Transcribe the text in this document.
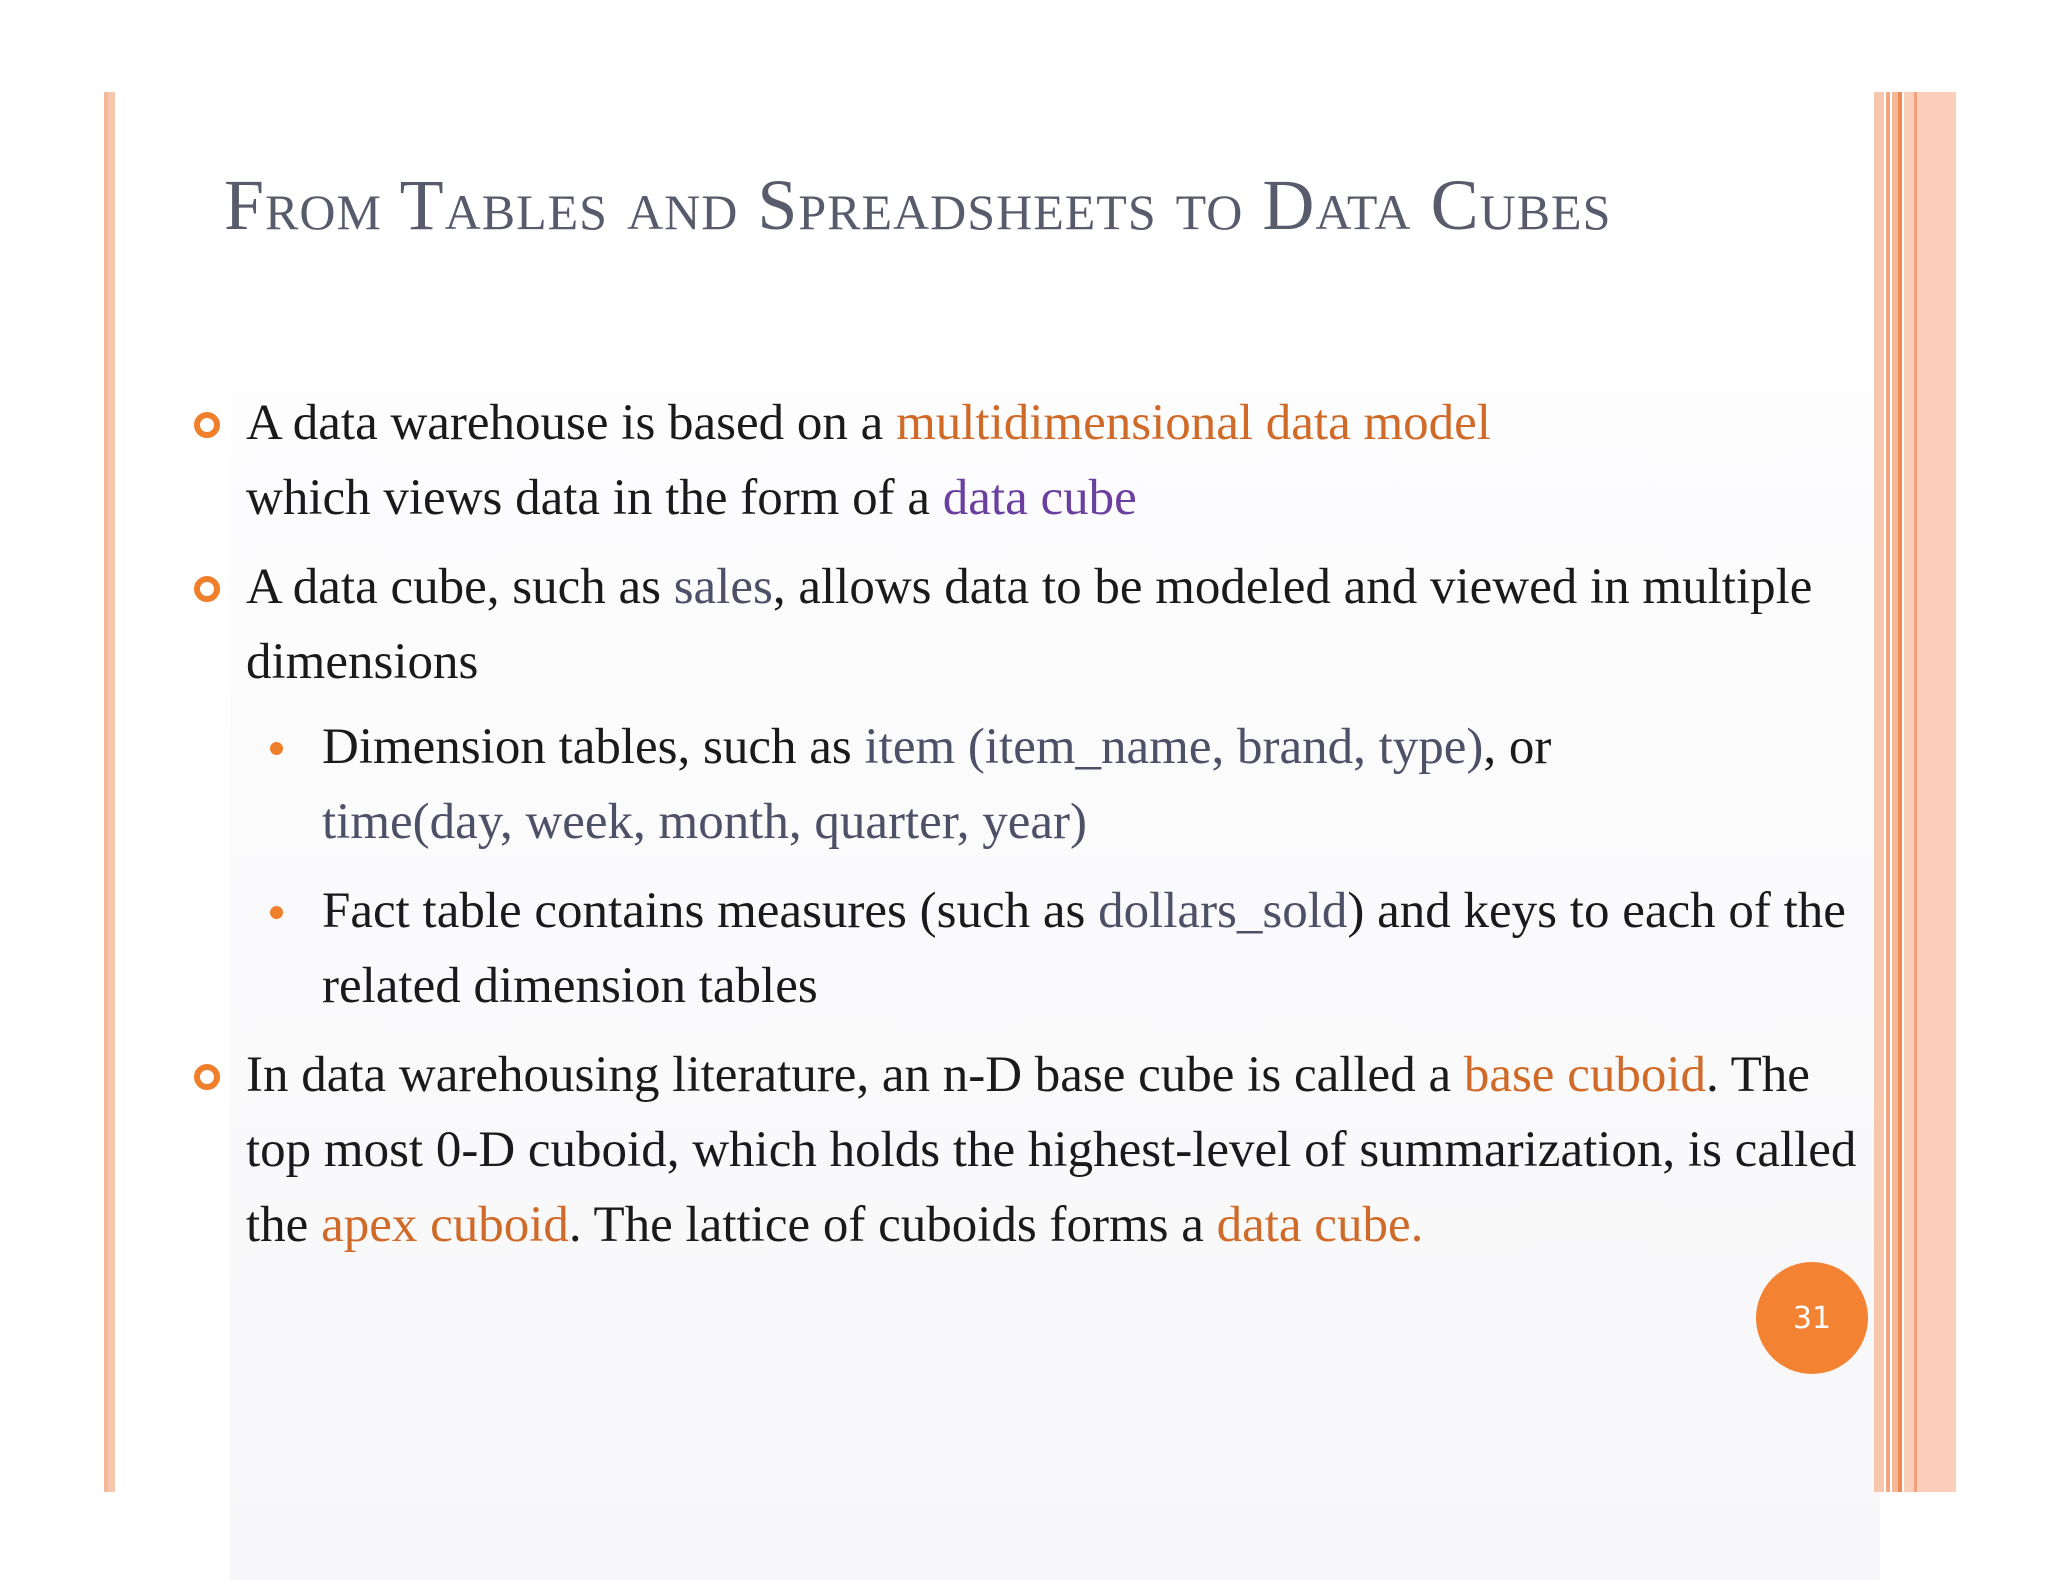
From Tables and Spreadsheets to Data Cubes
A data warehouse is based on a multidimensional data model
which views data in the form of a data cube
A data cube, such as sales, allows data to be modeled and viewed in multiple dimensions
Dimension tables, such as item (item_name, brand, type), or
time(day, week, month, quarter, year)
Fact table contains measures (such as dollars_sold) and keys to each of the related dimension tables
In data warehousing literature, an n-D base cube is called a base cuboid. The top most 0-D cuboid, which holds the highest-level of summarization, is called the apex cuboid. The lattice of cuboids forms a data cube.
31
